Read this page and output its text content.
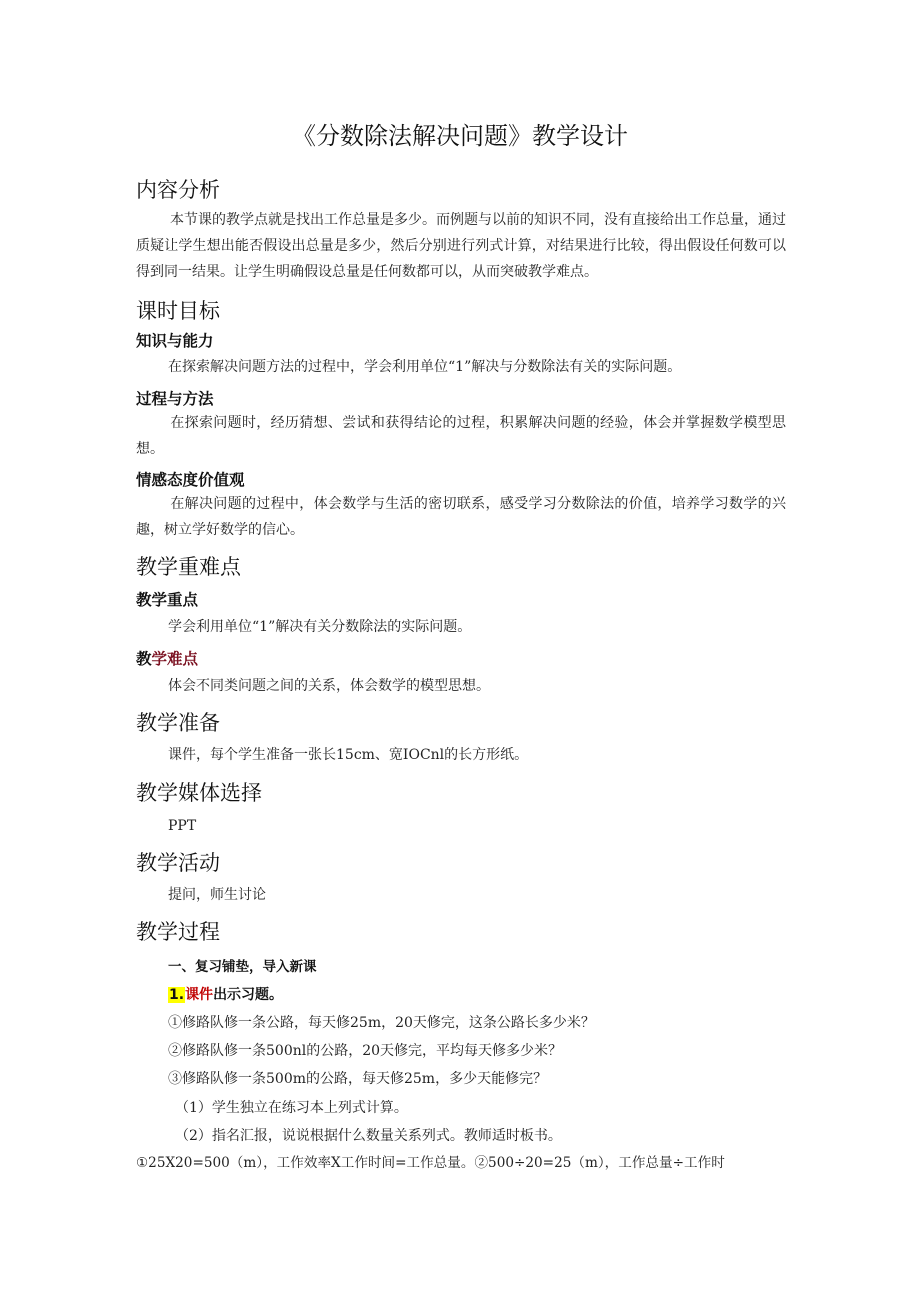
《分数除法解决问题》教学设计
内容分析

本节课的教学点就是找出工作总量是多少。而例题与以前的知识不同，没有直接给出工作总量，通过质疑让学生想出能否假设出总量是多少，然后分别进行列式计算，对结果进行比较，得出假设任何数可以得到同一结果。让学生明确假设总量是任何数都可以，从而突破教学难点。

课时目标
知识与能力
在探索解决问题方法的过程中，学会利用单位“1”解决与分数除法有关的实际问题。
过程与方法

在探索问题时，经历猜想、尝试和获得结论的过程，积累解决问题的经验，体会并掌握数学模型思想。

情感态度价值观

在解决问题的过程中，体会数学与生活的密切联系，感受学习分数除法的价值，培养学习数学的兴趣，树立学好数学的信心。

教学重难点
教学重点
学会利用单位“1”解决有关分数除法的实际问题。
教学难点
体会不同类问题之间的关系，体会数学的模型思想。
教学准备
课件，每个学生准备一张长15cm、宽IOCnl的长方形纸。
教学媒体选择
PPT
教学活动
提问，师生讨论
教学过程
一、复习铺垫，导入新课
1.课件出示习题。
①修路队修一条公路，每天修25m，20天修完，这条公路长多少米？
②修路队修一条500nl的公路，20天修完，平均每天修多少米？
③修路队修一条500m的公路，每天修25m，多少天能修完？
（1）学生独立在练习本上列式计算。
（2）指名汇报，说说根据什么数量关系列式。教师适时板书。
①25X20=500（m），工作效率X工作时间=工作总量。②500÷20=25（m），工作总量÷工作时
